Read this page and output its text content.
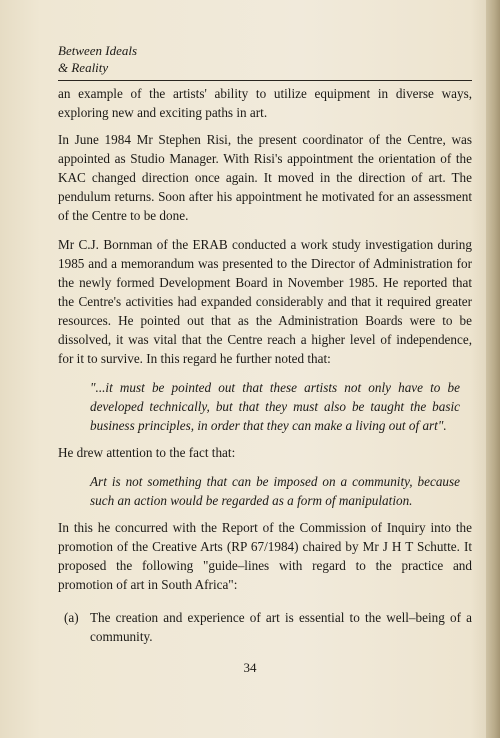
Between Ideals
& Reality

an example of the artists' ability to utilize equipment in diverse ways, exploring new and exciting paths in art.

In June 1984 Mr Stephen Risi, the present coordinator of the Centre, was appointed as Studio Manager. With Risi's appointment the orientation of the KAC changed direction once again. It moved in the direction of art. The pendulum returns. Soon after his appointment he motivated for an assessment of the Centre to be done.

Mr C.J. Bornman of the ERAB conducted a work study investigation during 1985 and a memorandum was presented to the Director of Administration for the newly formed Development Board in November 1985. He reported that the Centre's activities had expanded considerably and that it required greater resources. He pointed out that as the Administration Boards were to be dissolved, it was vital that the Centre reach a higher level of independence, for it to survive. In this regard he further noted that:

"...it must be pointed out that these artists not only have to be developed technically, but that they must also be taught the basic business principles, in order that they can make a living out of art".

He drew attention to the fact that:

Art is not something that can be imposed on a community, because such an action would be regarded as a form of manipulation.

In this he concurred with the Report of the Commission of Inquiry into the promotion of the Creative Arts (RP 67/1984) chaired by Mr J H T Schutte. It proposed the following "guide–lines with regard to the practice and promotion of art in South Africa":

(a) The creation and experience of art is essential to the well–being of a community.
34
